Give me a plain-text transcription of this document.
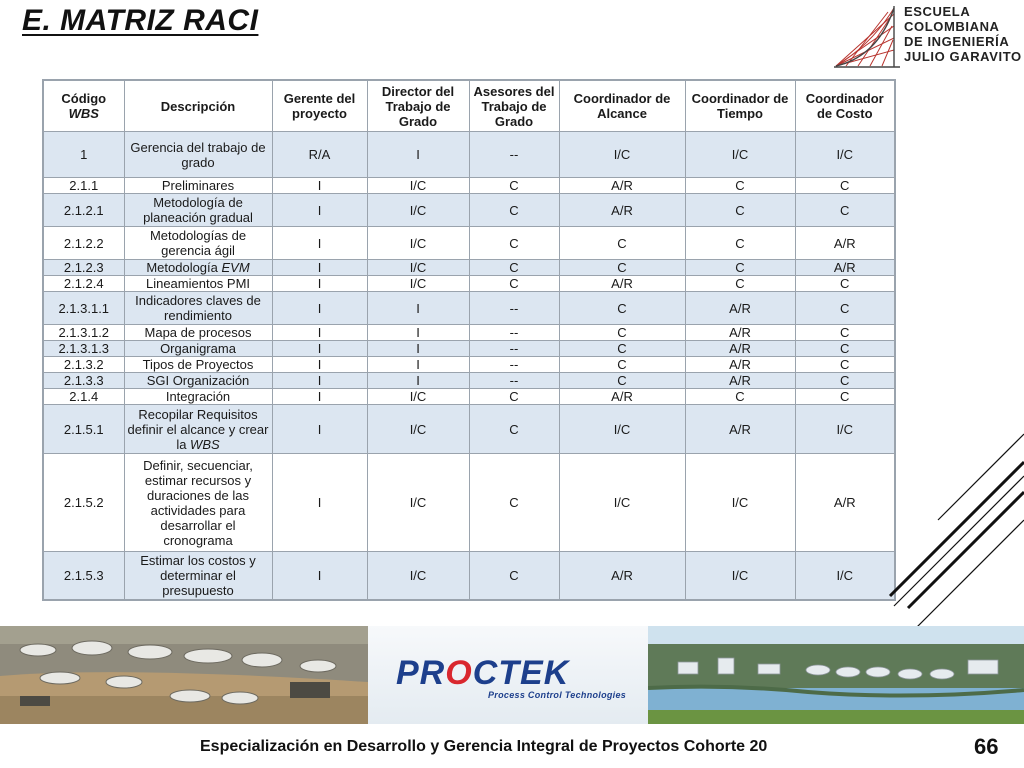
E. MATRIZ RACI	ESCUELA
COLOMBIANA
DE INGENIERÍA
JULIO GARAVITO
Código
WBS	Descripción	Gerente del proyecto	Director del Trabajo de Grado	Asesores del Trabajo de Grado	Coordinador de Alcance	Coordinador de Tiempo	Coordinador de Costo
1	Gerencia del trabajo de grado	R/A	I	--	I/C	I/C	I/C
2.1.1	Preliminares	I	I/C	C	A/R	C	C
2.1.2.1	Metodología de planeación gradual	I	I/C	C	A/R	C	C
2.1.2.2	Metodologías de gerencia ágil	I	I/C	C	C	C	A/R
2.1.2.3	Metodología EVM	I	I/C	C	C	C	A/R
2.1.2.4	Lineamientos PMI	I	I/C	C	A/R	C	C
2.1.3.1.1	Indicadores claves de rendimiento	I	I	--	C	A/R	C
2.1.3.1.2	Mapa de procesos	I	I	--	C	A/R	C
2.1.3.1.3	Organigrama	I	I	--	C	A/R	C
2.1.3.2	Tipos de Proyectos	I	I	--	C	A/R	C
2.1.3.3	SGI Organización	I	I	--	C	A/R	C
2.1.4	Integración	I	I/C	C	A/R	C	C
2.1.5.1	Recopilar Requisitos definir el alcance y crear la WBS	I	I/C	C	I/C	A/R	I/C
2.1.5.2	Definir, secuenciar, estimar recursos y duraciones de las actividades para desarrollar el cronograma	I	I/C	C	I/C	I/C	A/R
2.1.5.3	Estimar los costos y determinar el presupuesto	I	I/C	C	A/R	I/C	I/C
PROCTEK
Process Control Technologies
Especialización en Desarrollo y Gerencia Integral de Proyectos Cohorte 20	66
